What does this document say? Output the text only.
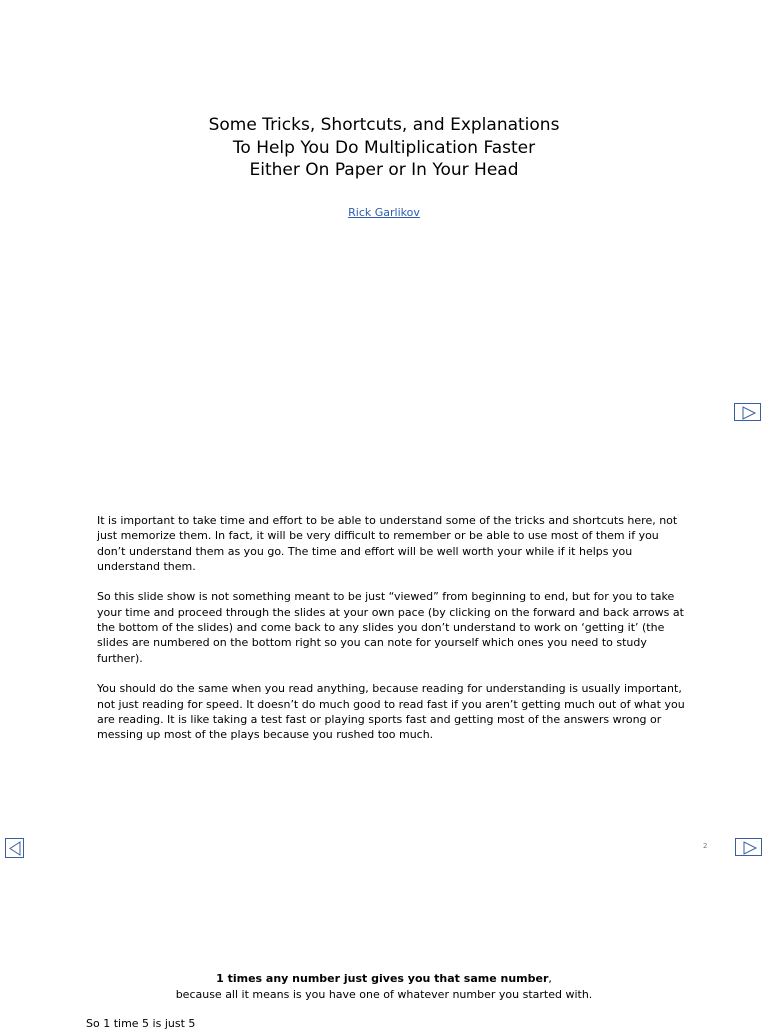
Some Tricks, Shortcuts, and Explanations
To Help You Do Multiplication Faster
Either On Paper or In Your Head
Rick Garlikov

It is important to take time and effort to be able to understand some of the tricks and shortcuts here, not just memorize them. In fact, it will be very difficult to remember or be able to use most of them if you don’t understand them as you go. The time and effort will be well worth your while if it helps you understand them.

So this slide show is not something meant to be just “viewed” from beginning to end, but for you to take your time and proceed through the slides at your own pace (by clicking on the forward and back arrows at the bottom of the slides) and come back to any slides you don’t understand to work on ‘getting it’ (the slides are numbered on the bottom right so you can note for yourself which ones you need to study further).

You should do the same when you read anything, because reading for understanding is usually important, not just reading for speed. It doesn’t do much good to read fast if you aren’t getting much out of what you are reading. It is like taking a test fast or playing sports fast and getting most of the answers wrong or messing up most of the plays because you rushed too much.

2
1 times any number just gives you that same number,
because all it means is you have one of whatever number you started with.
So 1 time 5 is just 5
